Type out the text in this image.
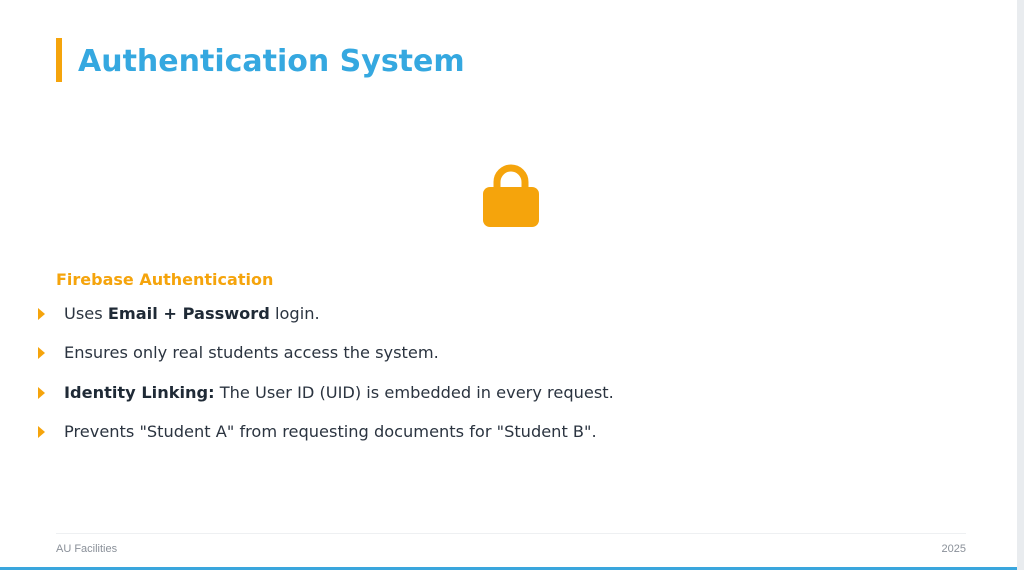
Authentication System
Firebase Authentication
Uses Email + Password login.
Ensures only real students access the system.
Identity Linking: The User ID (UID) is embedded in every request.
Prevents "Student A" from requesting documents for "Student B".
AU Facilities	2025
